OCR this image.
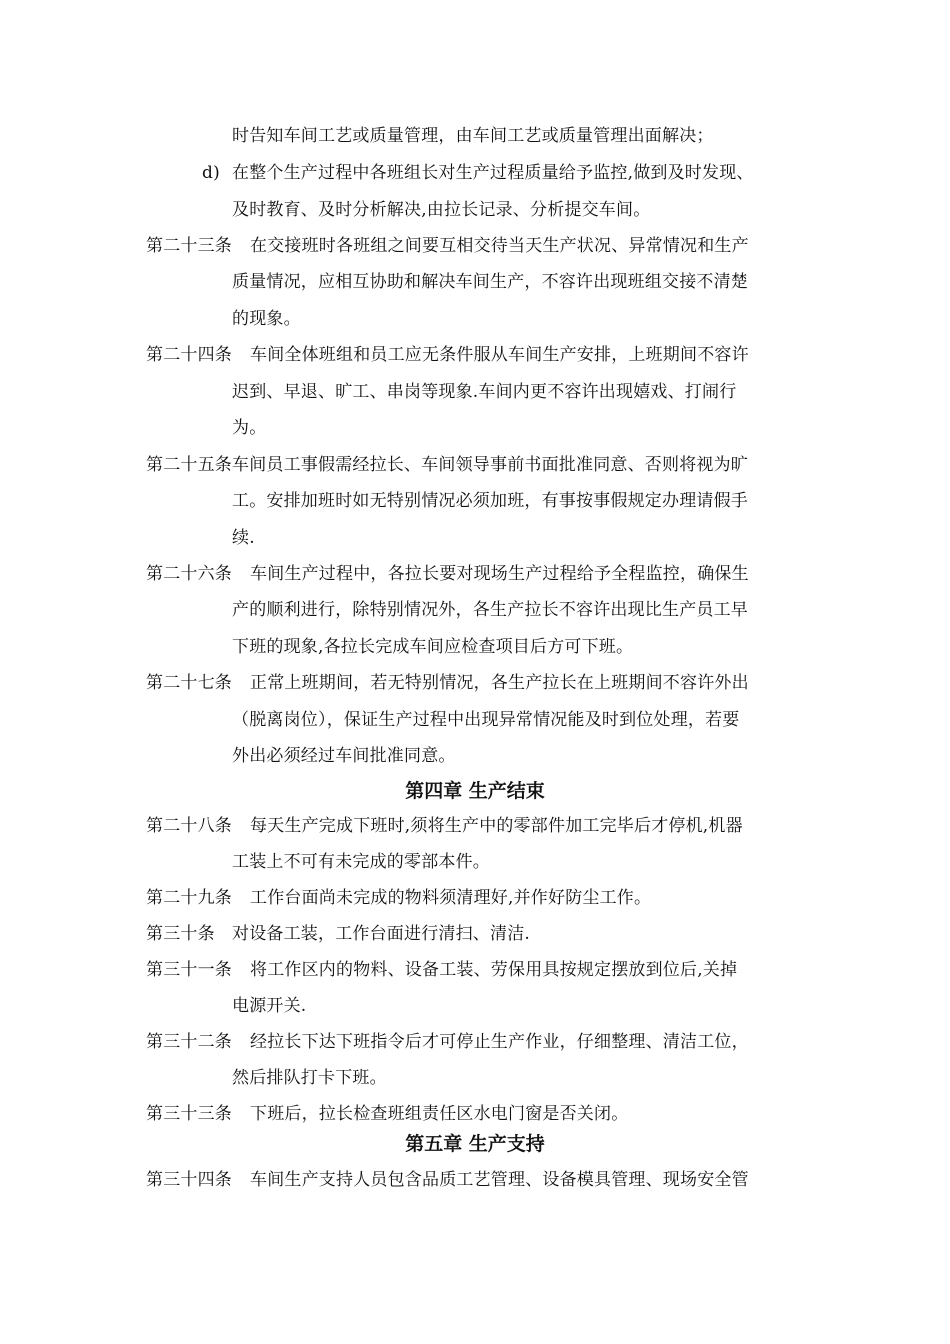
时告知车间工艺或质量管理，由车间工艺或质量管理出面解决；
d) 在整个生产过程中各班组长对生产过程质量给予监控,做到及时发现、
及时教育、及时分析解决,由拉长记录、分析提交车间。
第二十三条 在交接班时各班组之间要互相交待当天生产状况、异常情况和生产
质量情况，应相互协助和解决车间生产，不容许出现班组交接不清楚
的现象。
第二十四条 车间全体班组和员工应无条件服从车间生产安排，上班期间不容许
迟到、早退、旷工、串岗等现象.车间内更不容许出现嬉戏、打闹行
为。
第二十五条 车间员工事假需经拉长、车间领导事前书面批准同意、否则将视为旷
工。安排加班时如无特别情况必须加班，有事按事假规定办理请假手
续.
第二十六条 车间生产过程中，各拉长要对现场生产过程给予全程监控，确保生
产的顺利进行，除特别情况外，各生产拉长不容许出现比生产员工早
下班的现象,各拉长完成车间应检查项目后方可下班。
第二十七条 正常上班期间，若无特别情况，各生产拉长在上班期间不容许外出
（脱离岗位），保证生产过程中出现异常情况能及时到位处理，若要
外出必须经过车间批准同意。
第四章 生产结束
第二十八条 每天生产完成下班时,须将生产中的零部件加工完毕后才停机,机器
工装上不可有未完成的零部本件。
第二十九条 工作台面尚未完成的物料须清理好,并作好防尘工作。
第三十条 对设备工装，工作台面进行清扫、清洁.
第三十一条 将工作区内的物料、设备工装、劳保用具按规定摆放到位后,关掉
电源开关.
第三十二条 经拉长下达下班指令后才可停止生产作业，仔细整理、清洁工位，
然后排队打卡下班。
第三十三条 下班后，拉长检查班组责任区水电门窗是否关闭。
第五章 生产支持
第三十四条 车间生产支持人员包含品质工艺管理、设备模具管理、现场安全管
